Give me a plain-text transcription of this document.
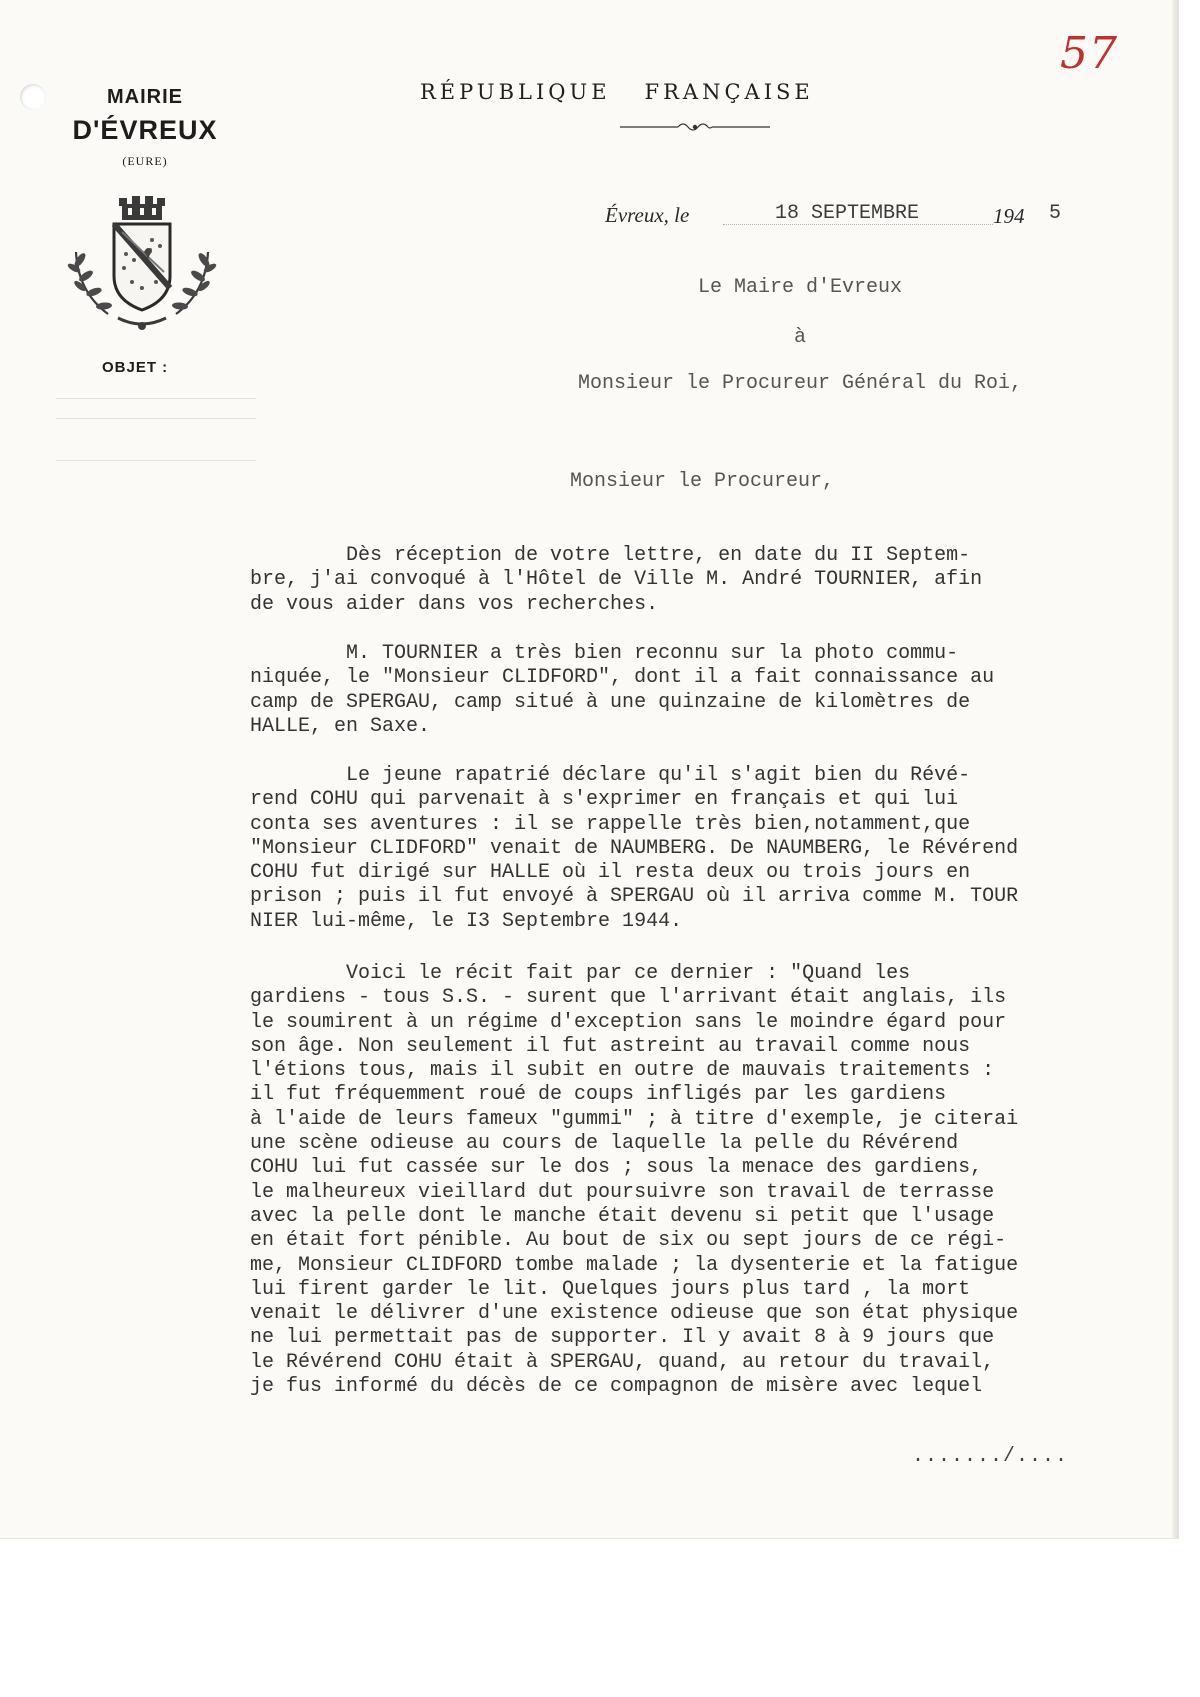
57
MAIRIE
D'ÉVREUX
(EURE)
OBJET :
RÉPUBLIQUE FRANÇAISE
Évreux, le	18 SEPTEMBRE	194 5
Le Maire d'Evreux
à
Monsieur le Procureur Général du Roi,
Monsieur le Procureur,
Dès réception de votre lettre, en date du II Septem-
bre, j'ai convoqué à l'Hôtel de Ville M. André TOURNIER, afin
de vous aider dans vos recherches.
M. TOURNIER a très bien reconnu sur la photo commu-
niquée, le "Monsieur CLIDFORD", dont il a fait connaissance au
camp de SPERGAU, camp situé à une quinzaine de kilomètres de
HALLE, en Saxe.
Le jeune rapatrié déclare qu'il s'agit bien du Révé-
rend COHU qui parvenait à s'exprimer en français et qui lui
conta ses aventures : il se rappelle très bien,notamment,que
"Monsieur CLIDFORD" venait de NAUMBERG. De NAUMBERG, le Révérend
COHU fut dirigé sur HALLE où il resta deux ou trois jours en
prison ; puis il fut envoyé à SPERGAU où il arriva comme M. TOUR
NIER lui-même, le I3 Septembre 1944.
Voici le récit fait par ce dernier : "Quand les
gardiens - tous S.S. - surent que l'arrivant était anglais, ils
le soumirent à un régime d'exception sans le moindre égard pour
son âge. Non seulement il fut astreint au travail comme nous
l'étions tous, mais il subit en outre de mauvais traitements :
il fut fréquemment roué de coups infligés par les gardiens
à l'aide de leurs fameux "gummi" ; à titre d'exemple, je citerai
une scène odieuse au cours de laquelle la pelle du Révérend
COHU lui fut cassée sur le dos ; sous la menace des gardiens,
le malheureux vieillard dut poursuivre son travail de terrasse
avec la pelle dont le manche était devenu si petit que l'usage
en était fort pénible. Au bout de six ou sept jours de ce régi-
me, Monsieur CLIDFORD tombe malade ; la dysenterie et la fatigue
lui firent garder le lit. Quelques jours plus tard , la mort
venait le délivrer d'une existence odieuse que son état physique
ne lui permettait pas de supporter. Il y avait 8 à 9 jours que
le Révérend COHU était à SPERGAU, quand, au retour du travail,
je fus informé du décès de ce compagnon de misère avec lequel
......./....
